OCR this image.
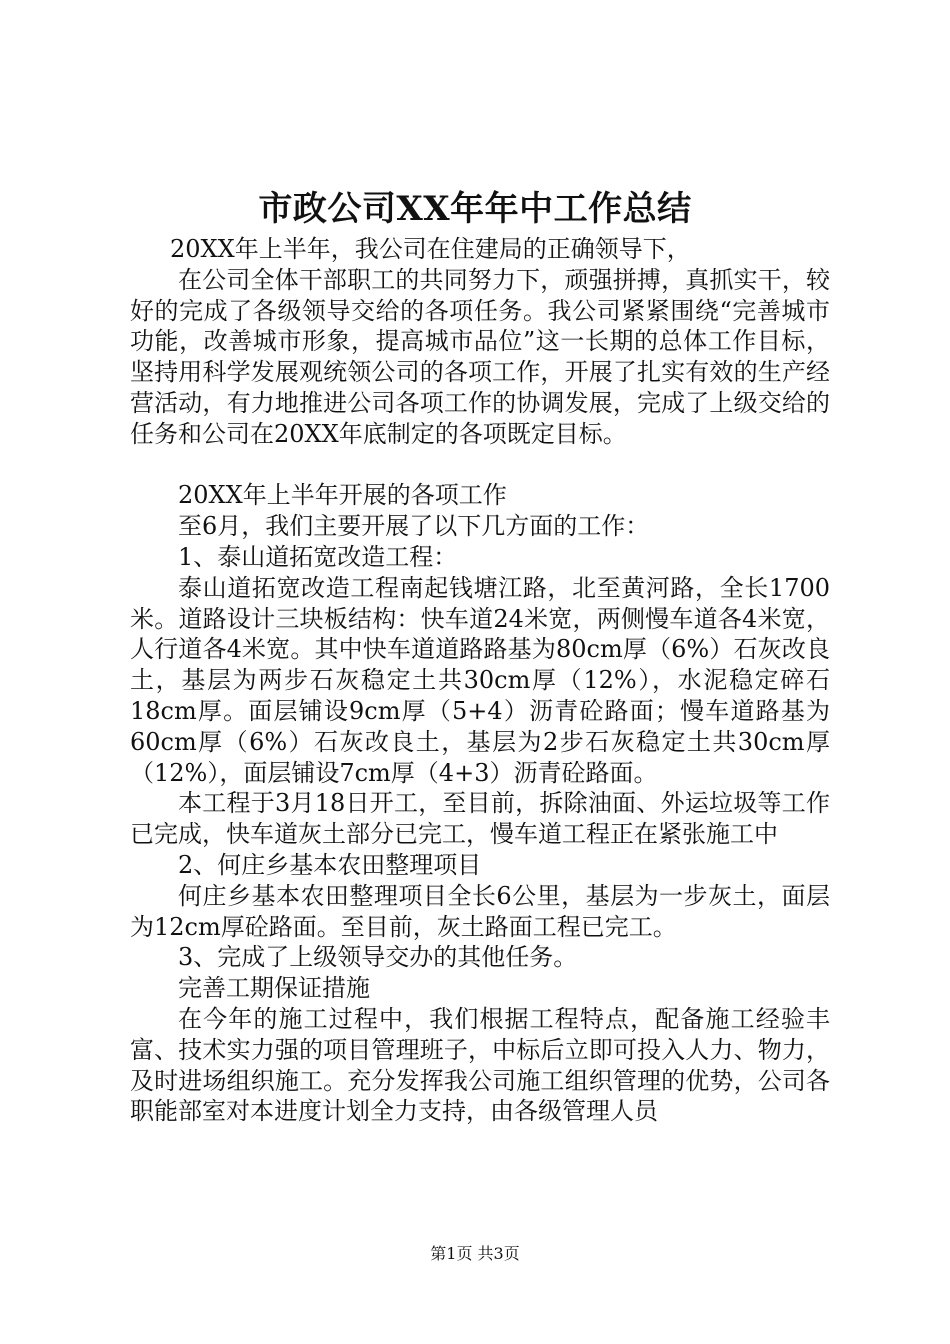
市政公司XX年年中工作总结

20XX年上半年，我公司在住建局的正确领导下，

在公司全体干部职工的共同努力下，顽强拼搏，真抓实干，较好的完成了各级领导交给的各项任务。我公司紧紧围绕“完善城市功能，改善城市形象，提高城市品位”这一长期的总体工作目标，坚持用科学发展观统领公司的各项工作，开展了扎实有效的生产经营活动，有力地推进公司各项工作的协调发展，完成了上级交给的任务和公司在20XX年底制定的各项既定目标。

20XX年上半年开展的各项工作

至6月，我们主要开展了以下几方面的工作：

1、泰山道拓宽改造工程：

泰山道拓宽改造工程南起钱塘江路，北至黄河路，全长1700米。道路设计三块板结构：快车道24米宽，两侧慢车道各4米宽，人行道各4米宽。其中快车道道路路基为80cm厚（6%）石灰改良土，基层为两步石灰稳定土共30cm厚（12%），水泥稳定碎石18cm厚。面层铺设9cm厚（5+4）沥青砼路面；慢车道路基为60cm厚（6%）石灰改良土，基层为2步石灰稳定土共30cm厚（12%），面层铺设7cm厚（4+3）沥青砼路面。

本工程于3月18日开工，至目前，拆除油面、外运垃圾等工作已完成，快车道灰土部分已完工，慢车道工程正在紧张施工中

2、何庄乡基本农田整理项目

何庄乡基本农田整理项目全长6公里，基层为一步灰土，面层为12cm厚砼路面。至目前，灰土路面工程已完工。

3、完成了上级领导交办的其他任务。

完善工期保证措施

在今年的施工过程中，我们根据工程特点，配备施工经验丰富、技术实力强的项目管理班子，中标后立即可投入人力、物力，及时进场组织施工。充分发挥我公司施工组织管理的优势，公司各职能部室对本进度计划全力支持，由各级管理人员

第1页 共3页
